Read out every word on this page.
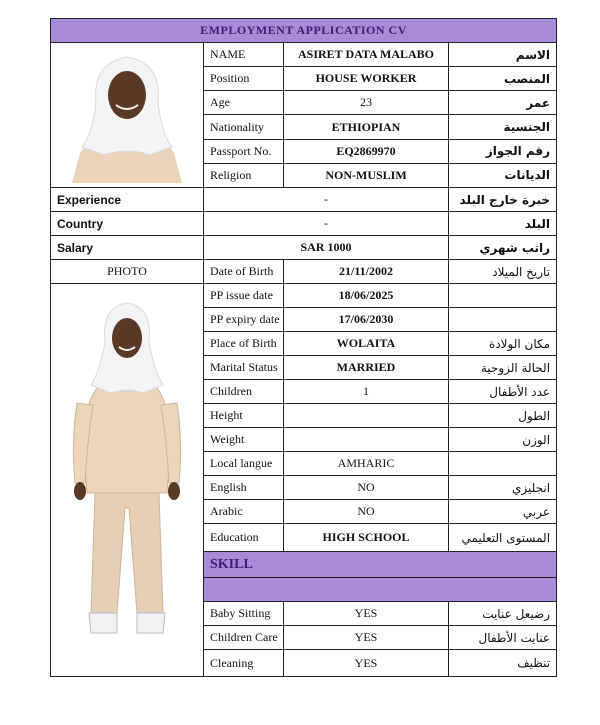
EMPLOYMENT APPLICATION CV			
	NAME	ASIRET DATA MALABO	الاسم
	Position	HOUSE WORKER	المنصب
	Age	23	عمر
	Nationality	ETHIOPIAN	الجنسية
	Passport No.	EQ2869970	رقم الجواز
	Religion	NON-MUSLIM	الديانات
Experience	-		خبرة خارج البلد
Country	-		البلد
Salary	SAR 1000		راتب شهري
PHOTO	Date of Birth	21/11/2002	تاريخ الميلاد
	PP issue date	18/06/2025	
	PP expiry date	17/06/2030	
	Place of Birth	WOLAITA	مكان الولادة
	Marital Status	MARRIED	الحالة الزوجية
	Children	1	عدد الأطفال
	Height		الطول
	Weight		الوزن
	Local langue	AMHARIC	
	English	NO	انجليزي
	Arabic	NO	عربي
	Education	HIGH SCHOOL	المستوى التعليمي
	SKILL		

	Baby Sitting	YES	رضيعل عنايت
	Children Care	YES	عنايت الأطفال
	Cleaning	YES	تنظيف
